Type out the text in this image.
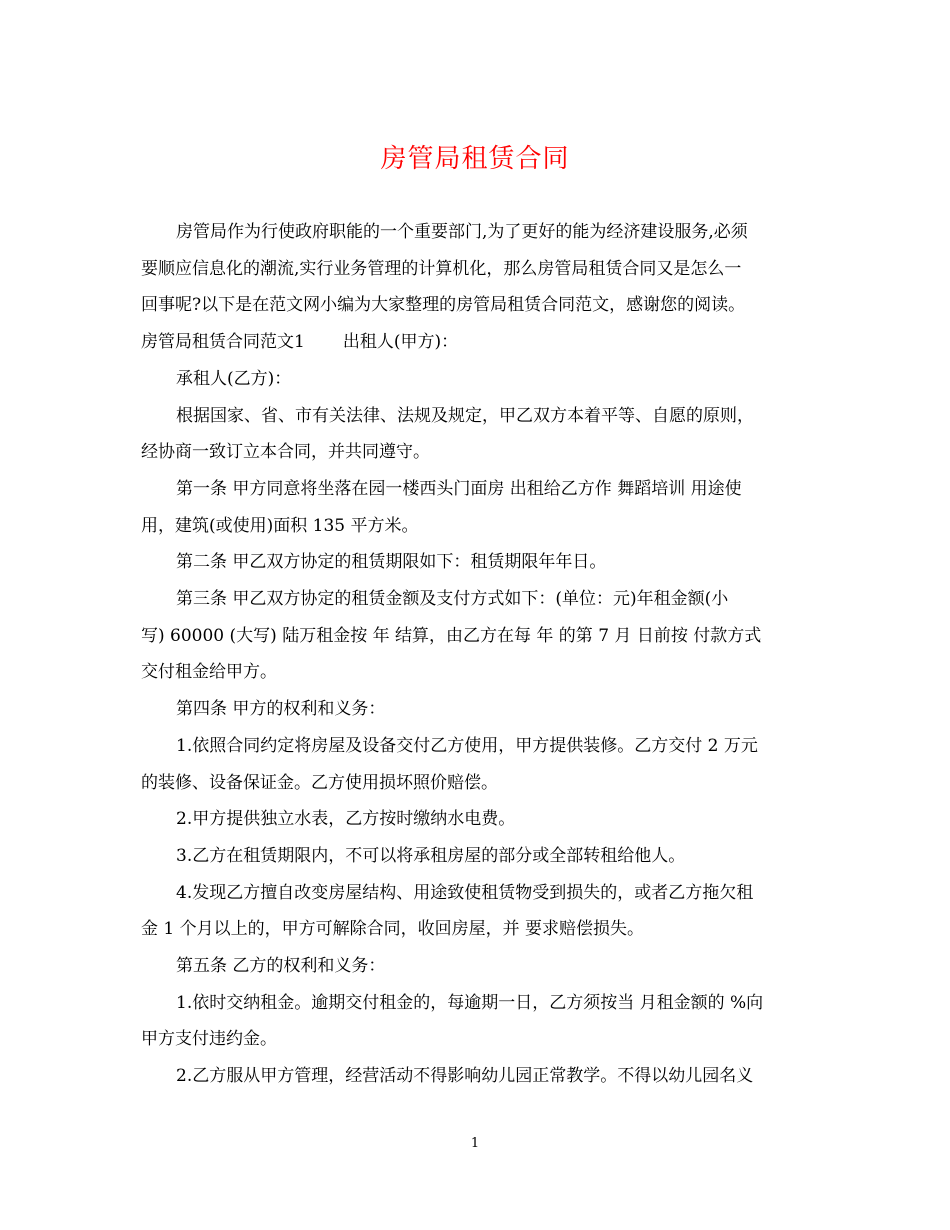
房管局租赁合同

房管局作为行使政府职能的一个重要部门,为了更好的能为经济建设服务,必须
要顺应信息化的潮流,实行业务管理的计算机化，那么房管局租赁合同又是怎么一
回事呢?以下是在范文网小编为大家整理的房管局租赁合同范文，感谢您的阅读。

房管局租赁合同范文1 出租人(甲方)：

承租人(乙方)：

根据国家、省、市有关法律、法规及规定，甲乙双方本着平等、自愿的原则，
经协商一致订立本合同，并共同遵守。

第一条 甲方同意将坐落在园一楼西头门面房 出租给乙方作 舞蹈培训 用途使
用，建筑(或使用)面积 135 平方米。

第二条 甲乙双方协定的租赁期限如下：租赁期限年年日。

第三条 甲乙双方协定的租赁金额及支付方式如下：(单位：元)年租金额(小
写) 60000 (大写) 陆万租金按 年 结算，由乙方在每 年 的第 7 月 日前按 付款方式
交付租金给甲方。

第四条 甲方的权利和义务：

1.依照合同约定将房屋及设备交付乙方使用，甲方提供装修。乙方交付 2 万元
的装修、设备保证金。乙方使用损坏照价赔偿。

2.甲方提供独立水表，乙方按时缴纳水电费。

3.乙方在租赁期限内，不可以将承租房屋的部分或全部转租给他人。

4.发现乙方擅自改变房屋结构、用途致使租赁物受到损失的，或者乙方拖欠租
金 1 个月以上的，甲方可解除合同，收回房屋，并 要求赔偿损失。

第五条 乙方的权利和义务：

1.依时交纳租金。逾期交付租金的，每逾期一日，乙方须按当 月租金额的 %向
甲方支付违约金。

2.乙方服从甲方管理，经营活动不得影响幼儿园正常教学。不得以幼儿园名义

1
